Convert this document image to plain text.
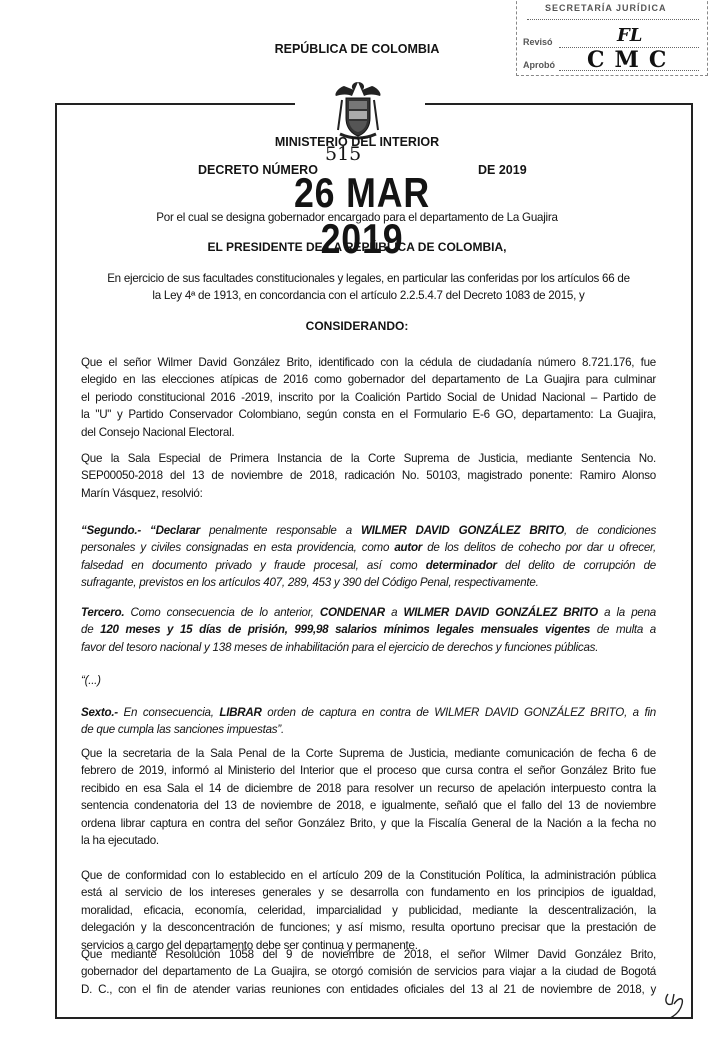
SECRETARÍA JURÍDICA
Revisó	FL
Aprobó CMC
REPÚBLICA DE COLOMBIA
MINISTERIO DEL INTERIOR
515
DECRETO NÚMERO	DE 2019
26 MAR 2019
Por el cual se designa gobernador encargado para el departamento de La Guajira
EL PRESIDENTE DE LA REPÚBLICA DE COLOMBIA,
CONSIDERANDO:
En ejercicio de sus facultades constitucionales y legales, en particular las conferidas por los artículos 66 de
la Ley 4ª de 1913, en concordancia con el artículo 2.2.5.4.7 del Decreto 1083 de 2015, y
Que el señor Wilmer David González Brito, identificado con la cédula de ciudadanía número 8.721.176, fue
elegido en las elecciones atípicas de 2016 como gobernador del departamento de La Guajira para culminar
el periodo constitucional 2016 -2019, inscrito por la Coalición Partido Social de Unidad Nacional – Partido de
la "U" y Partido Conservador Colombiano, según consta en el Formulario E-6 GO, departamento: La Guajira,
del Consejo Nacional Electoral.
Que la Sala Especial de Primera Instancia de la Corte Suprema de Justicia, mediante Sentencia No.
SEP00050-2018 del 13 de noviembre de 2018, radicación No. 50103, magistrado ponente: Ramiro Alonso
Marín Vásquez, resolvió:
“Segundo.- “Declarar penalmente responsable a WILMER DAVID GONZÁLEZ BRITO, de condiciones
personales y civiles consignadas en esta providencia, como autor de los delitos de cohecho por dar u ofrecer,
falsedad en documento privado y fraude procesal, así como determinador del delito de corrupción de
sufragante, previstos en los artículos 407, 289, 453 y 390 del Código Penal, respectivamente.
Tercero. Como consecuencia de lo anterior, CONDENAR a WILMER DAVID GONZÁLEZ BRITO a la pena
de 120 meses y 15 días de prisión, 999,98 salarios mínimos legales mensuales vigentes de multa a
favor del tesoro nacional y 138 meses de inhabilitación para el ejercicio de derechos y funciones públicas.
“(...)
Sexto.- En consecuencia, LIBRAR orden de captura en contra de WILMER DAVID GONZÁLEZ BRITO, a fin
de que cumpla las sanciones impuestas”.
Que la secretaria de la Sala Penal de la Corte Suprema de Justicia, mediante comunicación de fecha 6 de
febrero de 2019, informó al Ministerio del Interior que el proceso que cursa contra el señor González Brito fue
recibido en esa Sala el 14 de diciembre de 2018 para resolver un recurso de apelación interpuesto contra la
sentencia condenatoria del 13 de noviembre de 2018, e igualmente, señaló que el fallo del 13 de noviembre
ordena librar captura en contra del señor González Brito, y que la Fiscalía General de la Nación a la fecha no
la ha ejecutado.
Que de conformidad con lo establecido en el artículo 209 de la Constitución Política, la administración pública
está al servicio de los intereses generales y se desarrolla con fundamento en los principios de igualdad,
moralidad, eficacia, economía, celeridad, imparcialidad y publicidad, mediante la descentralización, la
delegación y la desconcentración de funciones; y así mismo, resulta oportuno precisar que la prestación de
servicios a cargo del departamento debe ser continua y permanente.
Que mediante Resolución 1058 del 9 de noviembre de 2018, el señor Wilmer David González Brito,
gobernador del departamento de La Guajira, se otorgó comisión de servicios para viajar a la ciudad de Bogotá
D. C., con el fin de atender varias reuniones con entidades oficiales del 13 al 21 de noviembre de 2018, y
